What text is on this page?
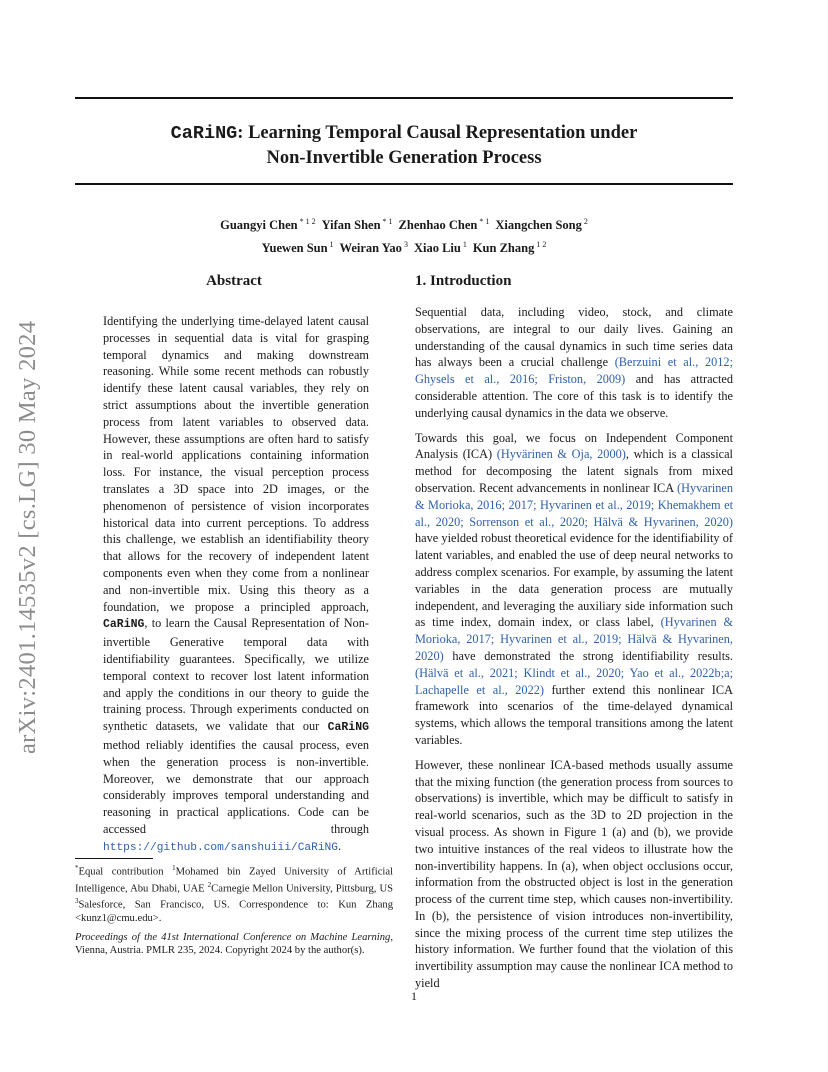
CaRiNG: Learning Temporal Causal Representation under
Non-Invertible Generation Process
Guangyi Chen $^{* 1 2}$ Yifan Shen $^{* 1}$ Zhenhao Chen $^{* 1}$ Xiangchen Song $^2$
Yuewen Sun $^1$ Weiran Yao $^3$ Xiao Liu $^1$ Kun Zhang $^{1 2}$
arXiv:2401.14535v2 [cs.LG] 30 May 2024
Abstract
Identifying the underlying time-delayed latent causal processes in sequential data is vital for grasping temporal dynamics and making downstream reasoning. While some recent methods can robustly identify these latent causal variables, they rely on strict assumptions about the invertible generation process from latent variables to observed data. However, these assumptions are often hard to satisfy in real-world applications containing information loss. For instance, the visual perception process translates a 3D space into 2D images, or the phenomenon of persistence of vision incorporates historical data into current perceptions. To address this challenge, we establish an identifiability theory that allows for the recovery of independent latent components even when they come from a nonlinear and non-invertible mix. Using this theory as a foundation, we propose a principled approach, CaRiNG, to learn the Causal Representation of Non-invertible Generative temporal data with identifiability guarantees. Specifically, we utilize temporal context to recover lost latent information and apply the conditions in our theory to guide the training process. Through experiments conducted on synthetic datasets, we validate that our CaRiNG method reliably identifies the causal process, even when the generation process is non-invertible. Moreover, we demonstrate that our approach considerably improves temporal understanding and reasoning in practical applications. Code can be accessed through https://github.com/sanshuiii/CaRiNG.
*Equal contribution $^1$Mohamed bin Zayed University of Artificial Intelligence, Abu Dhabi, UAE $^2$Carnegie Mellon University, Pittsburg, US $^3$Salesforce, San Francisco, US. Correspondence to: Kun Zhang <kunz1@cmu.edu>.
Proceedings of the 41st International Conference on Machine Learning, Vienna, Austria. PMLR 235, 2024. Copyright 2024 by the author(s).
1. Introduction

Sequential data, including video, stock, and climate observations, are integral to our daily lives. Gaining an understanding of the causal dynamics in such time series data has always been a crucial challenge (Berzuini et al., 2012; Ghysels et al., 2016; Friston, 2009) and has attracted considerable attention. The core of this task is to identify the underlying causal dynamics in the data we observe.

Towards this goal, we focus on Independent Component Analysis (ICA) (Hyvärinen & Oja, 2000), which is a classical method for decomposing the latent signals from mixed observation. Recent advancements in nonlinear ICA (Hyvarinen & Morioka, 2016; 2017; Hyvarinen et al., 2019; Khemakhem et al., 2020; Sorrenson et al., 2020; Hälvä & Hyvarinen, 2020) have yielded robust theoretical evidence for the identifiability of latent variables, and enabled the use of deep neural networks to address complex scenarios. For example, by assuming the latent variables in the data generation process are mutually independent, and leveraging the auxiliary side information such as time index, domain index, or class label, (Hyvarinen & Morioka, 2017; Hyvarinen et al., 2019; Hälvä & Hyvarinen, 2020) have demonstrated the strong identifiability results. (Hälvä et al., 2021; Klindt et al., 2020; Yao et al., 2022b;a; Lachapelle et al., 2022) further extend this nonlinear ICA framework into scenarios of the time-delayed dynamical systems, which allows the temporal transitions among the latent variables.

However, these nonlinear ICA-based methods usually assume that the mixing function (the generation process from sources to observations) is invertible, which may be difficult to satisfy in real-world scenarios, such as the 3D to 2D projection in the visual process. As shown in Figure 1 (a) and (b), we provide two intuitive instances of the real videos to illustrate how the non-invertibility happens. In (a), when object occlusions occur, information from the obstructed object is lost in the generation process of the current time step, which causes non-invertibility. In (b), the persistence of vision introduces non-invertibility, since the mixing process of the current time step utilizes the history information. We further found that the violation of this invertibility assumption may cause the nonlinear ICA method to yield

1
